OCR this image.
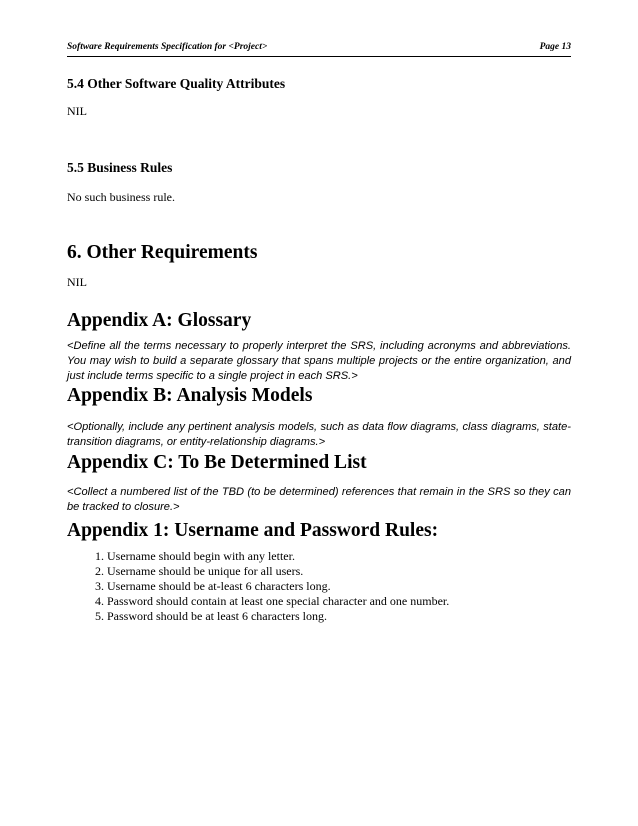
Software Requirements Specification for <Project>	Page 13
5.4 Other Software Quality Attributes
NIL
5.5 Business Rules
No such business rule.
6. Other Requirements
NIL
Appendix A: Glossary
<Define all the terms necessary to properly interpret the SRS, including acronyms and abbreviations. You may wish to build a separate glossary that spans multiple projects or the entire organization, and just include terms specific to a single project in each SRS.>
Appendix B: Analysis Models
<Optionally, include any pertinent analysis models, such as data flow diagrams, class diagrams, state-transition diagrams, or entity-relationship diagrams.>
Appendix C: To Be Determined List
<Collect a numbered list of the TBD (to be determined) references that remain in the SRS so they can be tracked to closure.>
Appendix 1: Username and Password Rules:
1. Username should begin with any letter.
2. Username should be unique for all users.
3. Username should be at-least 6 characters long.
4. Password should contain at least one special character and one number.
5. Password should be at least 6 characters long.
